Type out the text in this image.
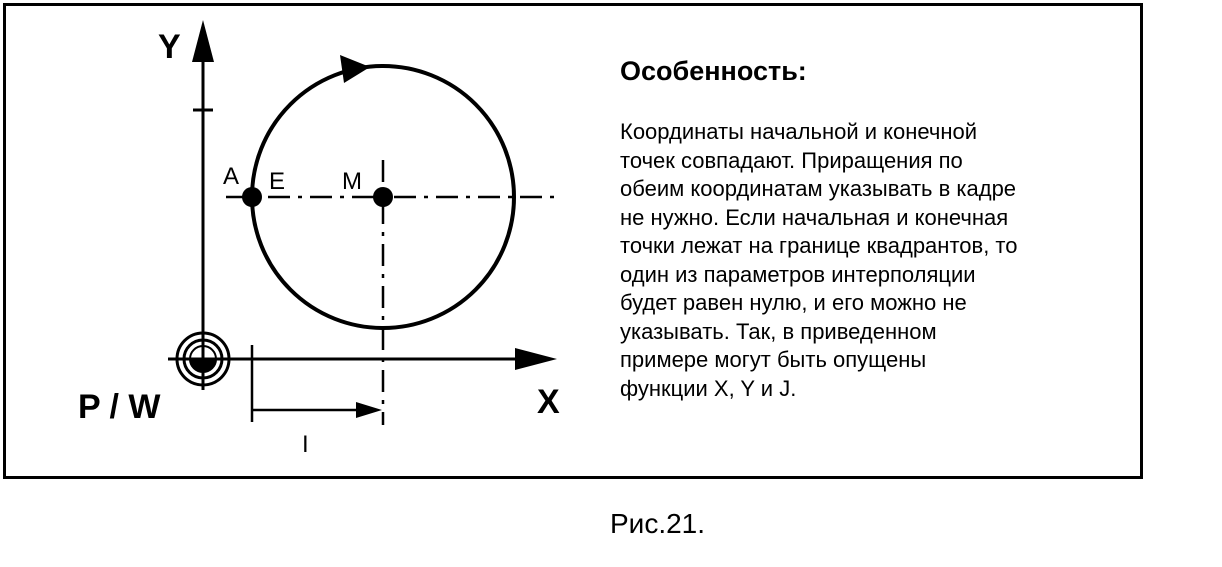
Y
X
P / W
A E M
I
Особенность:
Координаты начальной и конечной
точек совпадают. Приращения по
обеим координатам указывать в кадре
не нужно. Если начальная и конечная
точки лежат на границе квадрантов, то
один из параметров интерполяции
будет равен нулю, и его можно не
указывать. Так, в приведенном
примере могут быть опущены
функции X, Y и J.
Рис.21.
